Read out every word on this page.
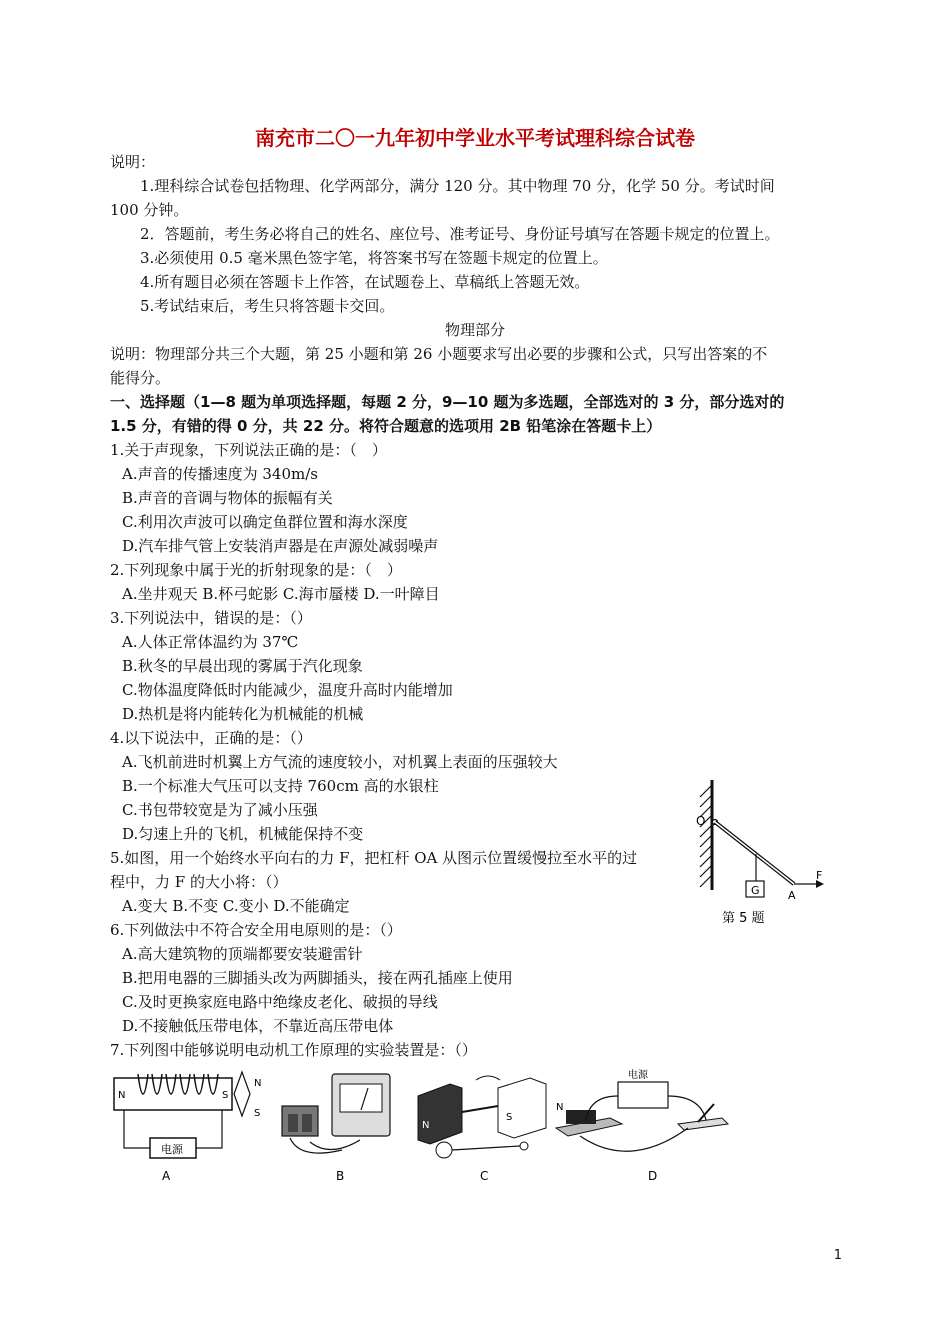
南充市二〇一九年初中学业水平考试理科综合试卷
说明：
1.理科综合试卷包括物理、化学两部分，满分 120 分。其中物理 70 分，化学 50 分。考试时间
100 分钟。
2．答题前，考生务必将自己的姓名、座位号、准考证号、身份证号填写在答题卡规定的位置上。
3.必须使用 0.5 毫米黑色签字笔，将答案书写在签题卡规定的位置上。
4.所有题目必须在答题卡上作答，在试题卷上、草稿纸上答题无效。
5.考试结束后，考生只将答题卡交回。
物理部分
说明：物理部分共三个大题，第 25 小题和第 26 小题要求写出必要的步骤和公式，只写出答案的不
能得分。
一、选择题（1—8 题为单项选择题，每题 2 分，9—10 题为多选题，全部选对的 3 分，部分选对的
1.5 分，有错的得 0 分，共 22 分。将符合题意的选项用 2B 铅笔涂在答题卡上）
1.关于声现象，下列说法正确的是：（　）
A.声音的传播速度为 340m/s
B.声音的音调与物体的振幅有关
C.利用次声波可以确定鱼群位置和海水深度
D.汽车排气管上安装消声器是在声源处减弱噪声
2.下列现象中属于光的折射现象的是：（　）
A.坐井观天 B.杯弓蛇影 C.海市蜃楼 D.一叶障目
3.下列说法中，错误的是：（）
A.人体正常体温约为 37℃
B.秋冬的早晨出现的雾属于汽化现象
C.物体温度降低时内能减少，温度升高时内能增加
D.热机是将内能转化为机械能的机械
4.以下说法中，正确的是：（）
A.飞机前进时机翼上方气流的速度较小，对机翼上表面的压强较大
B.一个标准大气压可以支持 760cm 高的水银柱
C.书包带较宽是为了减小压强
D.匀速上升的飞机，机械能保持不变
5.如图，用一个始终水平向右的力 F，把杠杆 OA 从图示位置缓慢拉至水平的过
程中，力 F 的大小将：（）
A.变大 B.不变 C.变小 D.不能确定
O
G	A
F
第 5 题
6.下列做法中不符合安全用电原则的是：（）
A.高大建筑物的顶端都要安装避雷针
B.把用电器的三脚插头改为两脚插头，接在两孔插座上使用
C.及时更换家庭电路中绝缘皮老化、破损的导线
D.不接触低压带电体，不靠近高压带电体
7.下列图中能够说明电动机工作原理的实验装置是：（）
N	S
电源
N
S
A	B
N
S
C
电源
N
D
1
